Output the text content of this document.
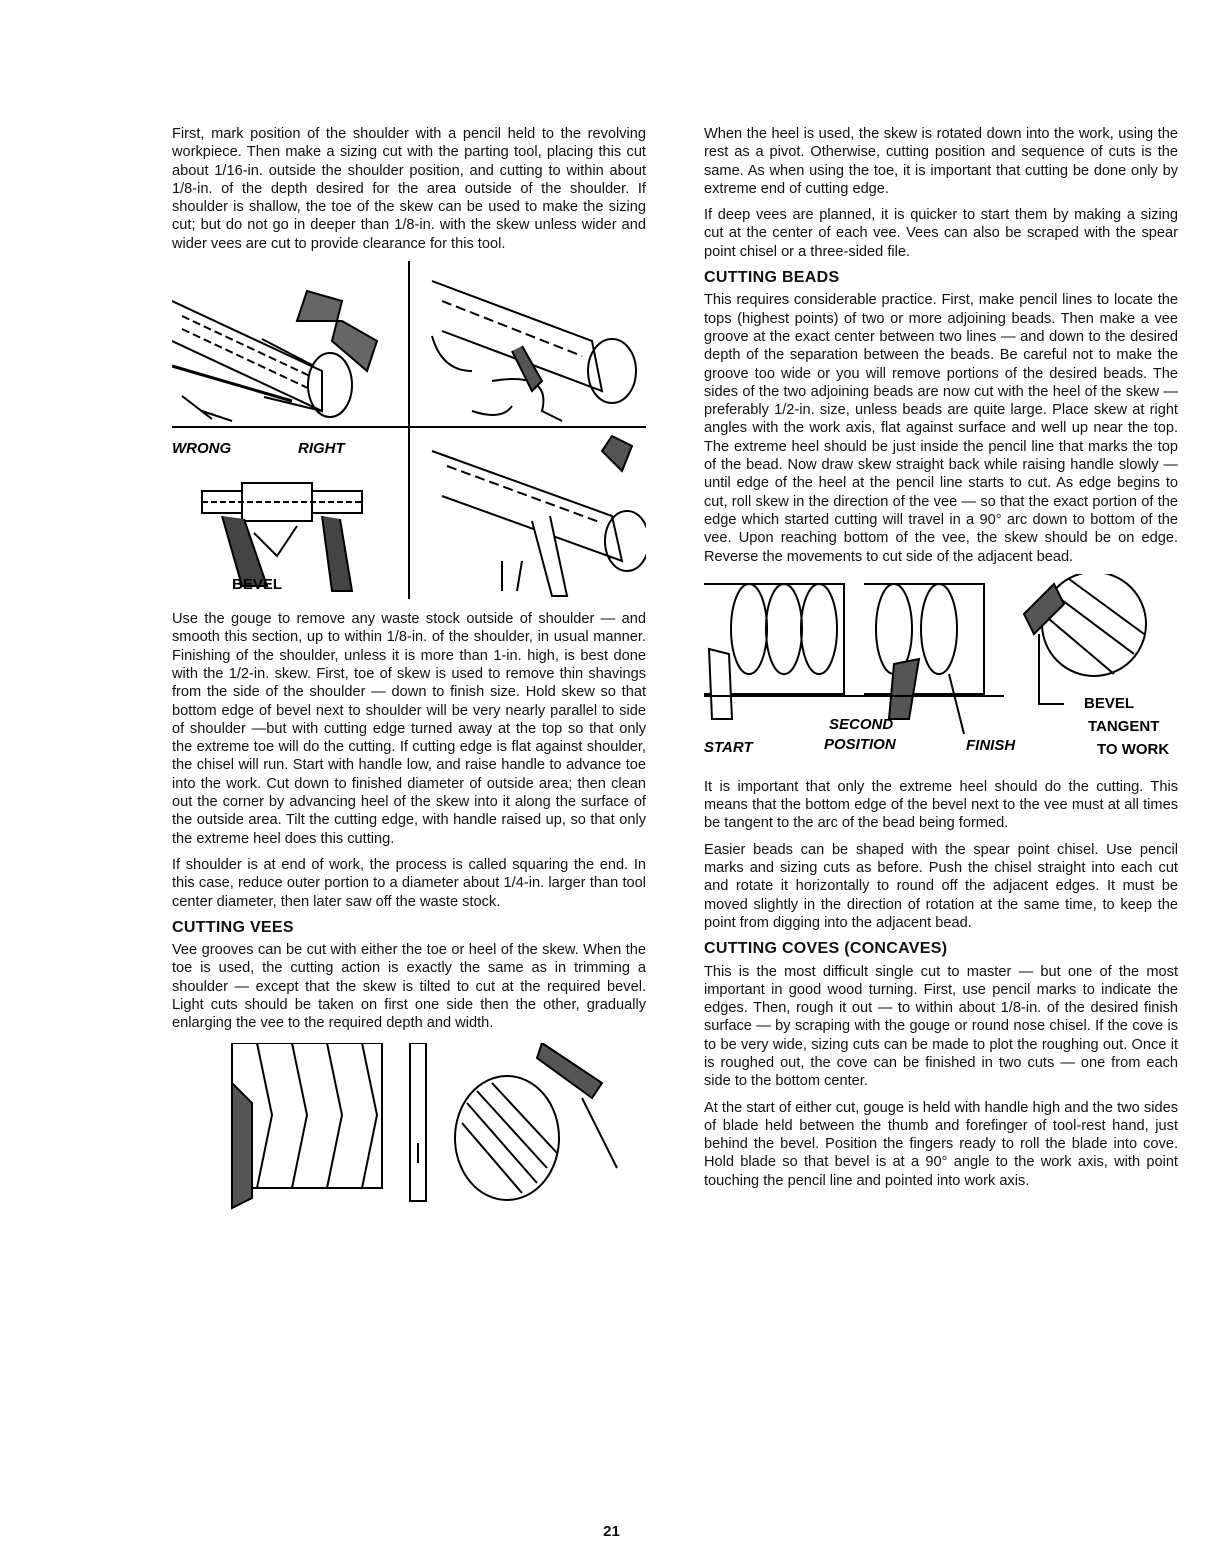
First, mark position of the shoulder with a pencil held to the revolving workpiece. Then make a sizing cut with the parting tool, placing this cut about 1/16-in. outside the shoulder position, and cutting to within about 1/8-in. of the depth desired for the area outside of the shoulder. If shoulder is shallow, the toe of the skew can be used to make the sizing cut; but do not go in deeper than 1/8-in. with the skew unless wider and wider vees are cut to provide clearance for this tool.

WRONG	RIGHT
BEVEL

Use the gouge to remove any waste stock outside of shoulder — and smooth this section, up to within 1/8-in. of the shoulder, in usual manner. Finishing of the shoulder, unless it is more than 1-in. high, is best done with the 1/2-in. skew. First, toe of skew is used to remove thin shavings from the side of the shoulder — down to finish size. Hold skew so that bottom edge of bevel next to shoulder will be very nearly parallel to side of shoulder —but with cutting edge turned away at the top so that only the extreme toe will do the cutting. If cutting edge is flat against shoulder, the chisel will run. Start with handle low, and raise handle to advance toe into the work. Cut down to finished diameter of outside area; then clean out the corner by advancing heel of the skew into it along the surface of the outside area. Tilt the cutting edge, with handle raised up, so that only the extreme heel does this cutting.

If shoulder is at end of work, the process is called squaring the end. In this case, reduce outer portion to a diameter about 1/4-in. larger than tool center diameter, then later saw off the waste stock.

CUTTING VEES

Vee grooves can be cut with either the toe or heel of the skew. When the toe is used, the cutting action is exactly the same as in trimming a shoulder — except that the skew is tilted to cut at the required bevel. Light cuts should be taken on first one side then the other, gradually enlarging the vee to the required depth and width.

When the heel is used, the skew is rotated down into the work, using the rest as a pivot. Otherwise, cutting position and sequence of cuts is the same. As when using the toe, it is important that cutting be done only by extreme end of cutting edge.

If deep vees are planned, it is quicker to start them by making a sizing cut at the center of each vee. Vees can also be scraped with the spear point chisel or a three-sided file.

CUTTING BEADS

This requires considerable practice. First, make pencil lines to locate the tops (highest points) of two or more adjoining beads. Then make a vee groove at the exact center between two lines — and down to the desired depth of the separation between the beads. Be careful not to make the groove too wide or you will remove portions of the desired beads. The sides of the two adjoining beads are now cut with the heel of the skew — preferably 1/2-in. size, unless beads are quite large. Place skew at right angles with the work axis, flat against surface and well up near the top. The extreme heel should be just inside the pencil line that marks the top of the bead. Now draw skew straight back while raising handle slowly — until edge of the heel at the pencil line starts to cut. As edge begins to cut, roll skew in the direction of the vee — so that the exact portion of the edge which started cutting will travel in a 90° arc down to bottom of the vee. Upon reaching bottom of the vee, the skew should be on edge. Reverse the movements to cut side of the adjacent bead.

START
SECOND
POSITION	FINISH
BEVEL
TANGENT
TO WORK

It is important that only the extreme heel should do the cutting. This means that the bottom edge of the bevel next to the vee must at all times be tangent to the arc of the bead being formed.

Easier beads can be shaped with the spear point chisel. Use pencil marks and sizing cuts as before. Push the chisel straight into each cut and rotate it horizontally to round off the adjacent edges. It must be moved slightly in the direction of rotation at the same time, to keep the point from digging into the adjacent bead.

CUTTING COVES (CONCAVES)

This is the most difficult single cut to master — but one of the most important in good wood turning. First, use pencil marks to indicate the edges. Then, rough it out — to within about 1/8-in. of the desired finish surface — by scraping with the gouge or round nose chisel. If the cove is to be very wide, sizing cuts can be made to plot the roughing out. Once it is roughed out, the cove can be finished in two cuts — one from each side to the bottom center.

At the start of either cut, gouge is held with handle high and the two sides of blade held between the thumb and forefinger of tool-rest hand, just behind the bevel. Position the fingers ready to roll the blade into cove. Hold blade so that bevel is at a 90° angle to the work axis, with point touching the pencil line and pointed into work axis.

21
